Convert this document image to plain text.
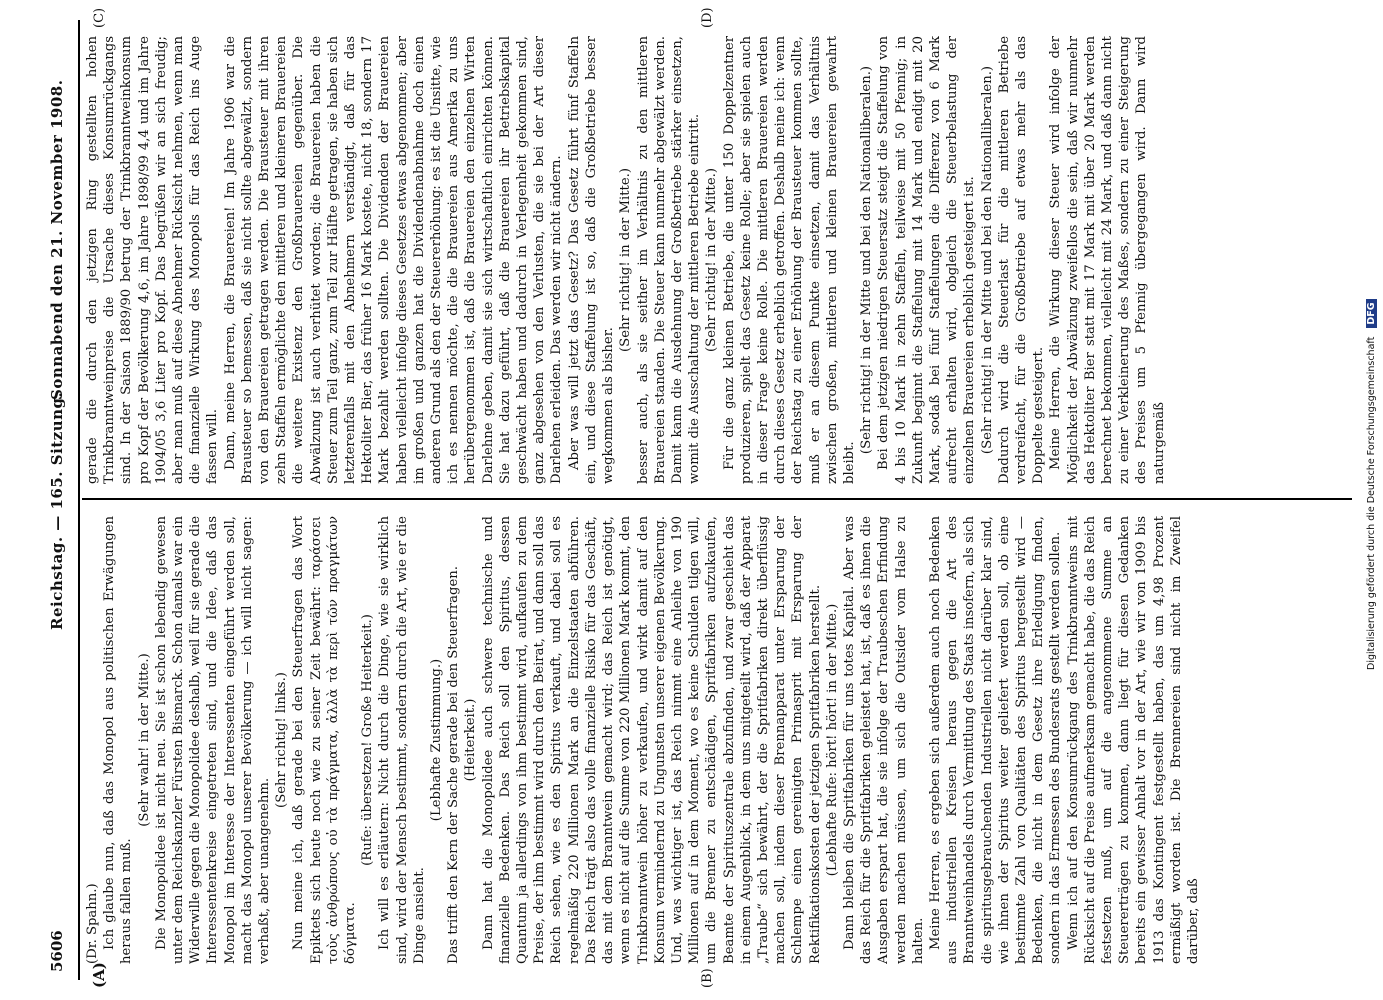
5606
Reichstag. — 165. Sitzung.
Sonnabend den 21. November 1908.
(A)	(B)
(C)	(D)

(Dr. Spahn.) Ich glaube nun, daß das Monopol aus politischen Erwägungen heraus fallen muß.

(Sehr wahr! in der Mitte.) Die Monopolidee ist nicht neu. Sie ist schon lebendig gewesen unter dem Reichskanzler Fürsten Bismarck. Schon damals war ein Widerwille gegen die Monopolidee deshalb, weil für sie gerade die Interessentenkreise eingetreten sind, und die Idee, daß das Monopol im Interesse der Interessenten eingeführt werden soll, macht das Monopol unserer Bevölkerung — ich will nicht sagen: verhaßt, aber unangenehm.

(Sehr richtig! links.) Nun meine ich, daß gerade bei den Steuerfragen das Wort Epiktets sich heute noch wie zu seiner Zeit bewährt: ταράσσει τοὺς ἀνθρώπους οὐ τὰ πράγματα, ἀλλὰ τὰ περὶ τῶν πραγμάτων δόγματα.

(Rufe: übersetzen! Große Heiterkeit.) Ich will es erläutern: Nicht durch die Dinge, wie sie wirklich sind, wird der Mensch bestimmt, sondern durch die Art, wie er die Dinge ansieht.

(Lebhafte Zustimmung.) Das trifft den Kern der Sache gerade bei den Steuerfragen. (Heiterkeit.) Dann hat die Monopolidee auch schwere technische und finanzielle Bedenken. Das Reich soll den Spiritus, dessen Quantum ja allerdings von ihm bestimmt wird, aufkaufen zu dem Preise, der ihm bestimmt wird durch den Beirat, und dann soll das Reich sehen, wie es den Spiritus verkauft, und dabei soll es regelmäßig 220 Millionen Mark an die Einzelstaaten abführen. Das Reich trägt also das volle finanzielle Risiko für das Geschäft, das mit dem Branntwein gemacht wird; das Reich ist genötigt, wenn es nicht auf die Summe von 220 Millionen Mark kommt, den Trinkbranntwein höher zu verkaufen, und wirkt damit auf den Konsum vermindernd zu Ungunsten unserer eigenen Bevölkerung. Und, was wichtiger ist, das Reich nimmt eine Anleihe von 190 Millionen auf in dem Moment, wo es keine Schulden tilgen will, um die Brenner zu entschädigen, Spritfabriken aufzukaufen, Beamte der Spirituszentrale abzufinden, und zwar geschieht das in einem Augenblick, in dem uns mitgeteilt wird, daß der Apparat „Traube“ sich bewährt, der die Spritfabriken direkt überflüssig machen soll, indem dieser Brennapparat unter Ersparung der Schlempe einen gereinigten Primasprit mit Ersparung der Rektifikationskosten der jetzigen Spritfabriken herstellt. (Lebhafte Rufe: hört! hört! in der Mitte.) Dann bleiben die Spritfabriken für uns totes Kapital. Aber was das Reich für die Spritfabriken geleistet hat, ist, daß es ihnen die Ausgaben erspart hat, die sie infolge der Traubeschen Erfindung werden machen müssen, um sich die Outsider vom Halse zu halten. Meine Herren, es ergeben sich außerdem auch noch Bedenken aus industriellen Kreisen heraus gegen die Art des Branntweinhandels durch Vermittlung des Staats insofern, als sich die spiritusgebrauchenden Industriellen nicht darüber klar sind, wie ihnen der Spiritus weiter geliefert werden soll, ob eine bestimmte Zahl von Qualitäten des Spiritus hergestellt wird — Bedenken, die nicht in dem Gesetz ihre Erledigung finden, sondern in das Ermessen des Bundesrats gestellt werden sollen. Wenn ich auf den Konsumrückgang des Trinkbranntweins mit Rücksicht auf die Preise aufmerksam gemacht habe, die das Reich festsetzen muß, um auf die angenommene Summe an Steuererträgen zu kommen, dann liegt für diesen Gedanken bereits ein gewisser Anhalt vor in der Art, wie wir von 1909 bis 1913 das Kontingent festgestellt haben, das um 4,98 Prozent ermäßigt worden ist. Die Brennereien sind nicht im Zweifel darüber, daß

gerade die durch den jetzigen Ring gestellten hohen Trinkbranntweinpreise die Ursache dieses Konsumrückgangs sind. In der Saison 1889/90 betrug der Trinkbranntweinkonsum pro Kopf der Bevölkerung 4,6, im Jahre 1898/99 4,4 und im Jahre 1904/05 3,6 Liter pro Kopf. Das begrüßen wir an sich freudig; aber man muß auf diese Abnehmer Rücksicht nehmen, wenn man die finanzielle Wirkung des Monopols für das Reich ins Auge fassen will. Dann, meine Herren, die Brauereien! Im Jahre 1906 war die Brausteuer so bemessen, daß sie nicht sollte abgewälzt, sondern von den Brauereien getragen werden. Die Brausteuer mit ihren zehn Staffeln ermöglichte den mittleren und kleineren Brauereien die weitere Existenz den Großbrauereien gegenüber. Die Abwälzung ist auch verhütet worden; die Brauereien haben die Steuer zum Teil ganz, zum Teil zur Hälfte getragen, sie haben sich letzterenfalls mit den Abnehmern verständigt, daß für das Hektoliter Bier, das früher 16 Mark kostete, nicht 18, sondern 17 Mark bezahlt werden sollten. Die Dividenden der Brauereien haben vielleicht infolge dieses Gesetzes etwas abgenommen; aber im großen und ganzen hat die Dividendenabnahme doch einen anderen Grund als den der Steuererhöhung: es ist die Unsitte, wie ich es nennen möchte, die die Brauereien aus Amerika zu uns herübergenommen ist, daß die Brauereien den einzelnen Wirten Darlehne geben, damit sie sich wirtschaftlich einrichten können. Sie hat dazu geführt, daß die Brauereien ihr Betriebskapital geschwächt haben und dadurch in Verlegenheit gekommen sind, ganz abgesehen von den Verlusten, die sie bei der Art dieser Darlehen erleiden. Das werden wir nicht ändern. Aber was will jetzt das Gesetz? Das Gesetz führt fünf Staffeln ein, und diese Staffelung ist so, daß die Großbetriebe besser wegkommen als bisher.

(Sehr richtig! in der Mitte.) besser auch, als sie seither im Verhältnis zu den mittleren Brauereien standen. Die Steuer kann nunmehr abgewälzt werden. Damit kann die Ausdehnung der Großbetriebe stärker einsetzen, womit die Ausschaltung der mittleren Betriebe eintritt. (Sehr richtig! in der Mitte.) Für die ganz kleinen Betriebe, die unter 150 Doppelzentner produzieren, spielt das Gesetz keine Rolle; aber sie spielen auch in dieser Frage keine Rolle. Die mittleren Brauereien werden durch dieses Gesetz erheblich getroffen. Deshalb meine ich: wenn der Reichstag zu einer Erhöhung der Brausteuer kommen sollte, muß er an diesem Punkte einsetzen, damit das Verhältnis zwischen großen, mittleren und kleinen Brauereien gewahrt bleibt.

(Sehr richtig! in der Mitte und bei den Nationalliberalen.) Bei dem jetzigen niedrigen Steuersatz steigt die Staffelung von 4 bis 10 Mark in zehn Staffeln, teilweise mit 50 Pfennig; in Zukunft beginnt die Staffelung mit 14 Mark und endigt mit 20 Mark, sodaß bei fünf Staffelungen die Differenz von 6 Mark aufrecht erhalten wird, obgleich die Steuerbelastung der einzelnen Brauereien erheblich gesteigert ist. (Sehr richtig! in der Mitte und bei den Nationalliberalen.) Dadurch wird die Steuerlast für die mittleren Betriebe verdreifacht, für die Großbetriebe auf etwas mehr als das Doppelte gesteigert. Meine Herren, die Wirkung dieser Steuer wird infolge der Möglichkeit der Abwälzung zweifellos die sein, daß wir nunmehr das Hektoliter Bier statt mit 17 Mark mit über 20 Mark werden berechnet bekommen, vielleicht mit 24 Mark, und daß dann nicht zu einer Verkleinerung des Maßes, sondern zu einer Steigerung des Preises um 5 Pfennig übergegangen wird. Dann wird naturgemäß	Digitalisierung gefördert durch die Deutsche Forschungsgemeinschaft DFG
